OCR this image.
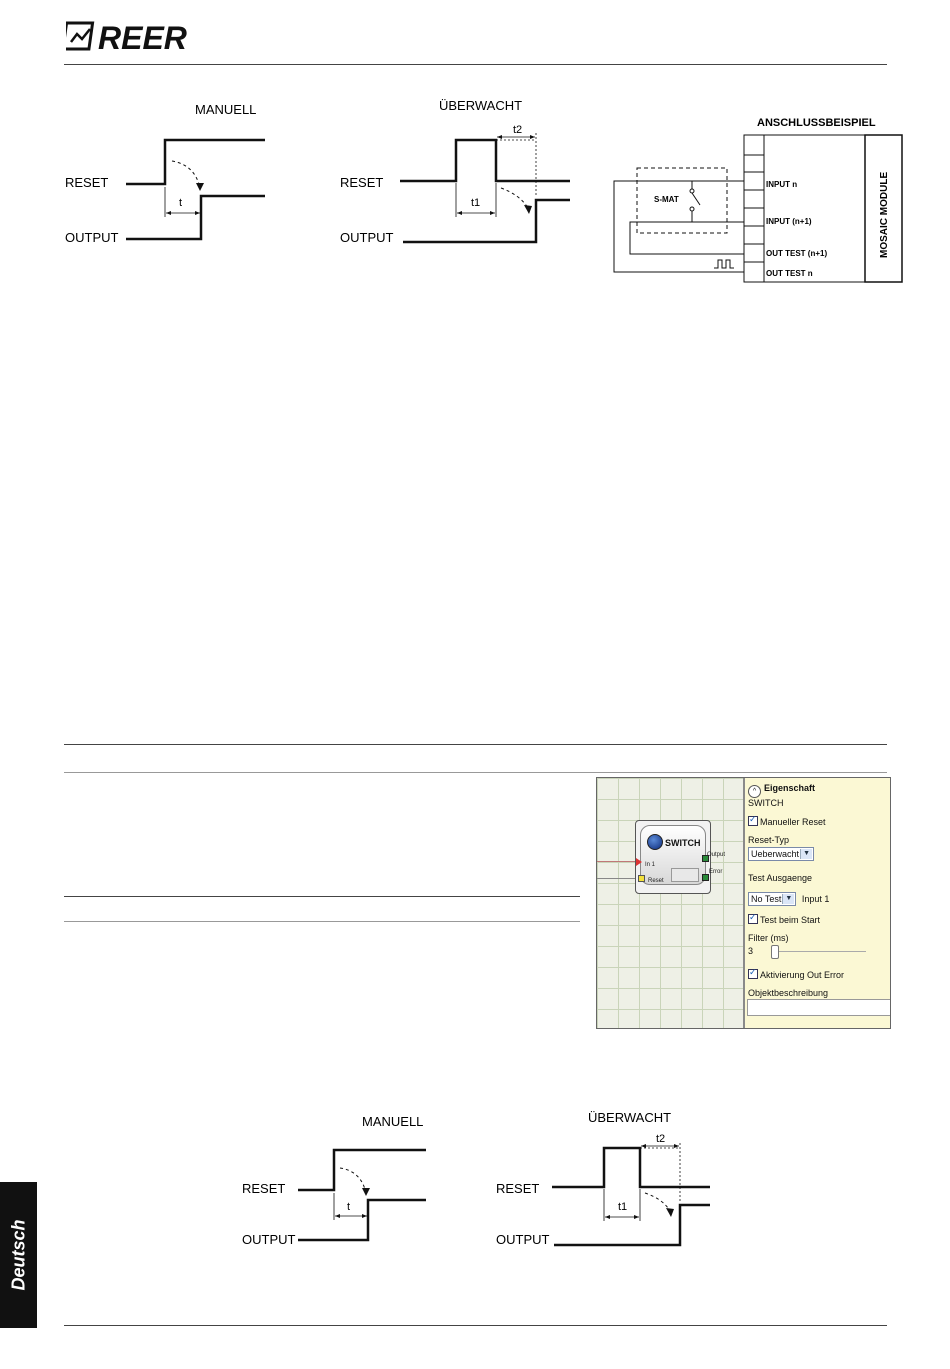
REER
MANUELL
RESET
OUTPUT
t
ÜBERWACHT
RESET
OUTPUT
t2
t1
ANSCHLUSSBEISPIEL
INPUT n
INPUT (n+1)
OUT TEST (n+1)
OUT TEST n
MOSAIC MODULE
S-MAT
SWITCH
In 1
Reset
Output
Error
^ Eigenschaft
SWITCH
✓Manueller Reset
Reset-Typ
Ueberwacht ▼
Test Ausgaenge
No Test ▼ Input 1
✓Test beim Start
Filter (ms)
3
✓Aktivierung Out Error
Objektbeschreibung
MANUELL
RESET
OUTPUT
t
ÜBERWACHT
RESET
OUTPUT
t2
t1
Deutsch
